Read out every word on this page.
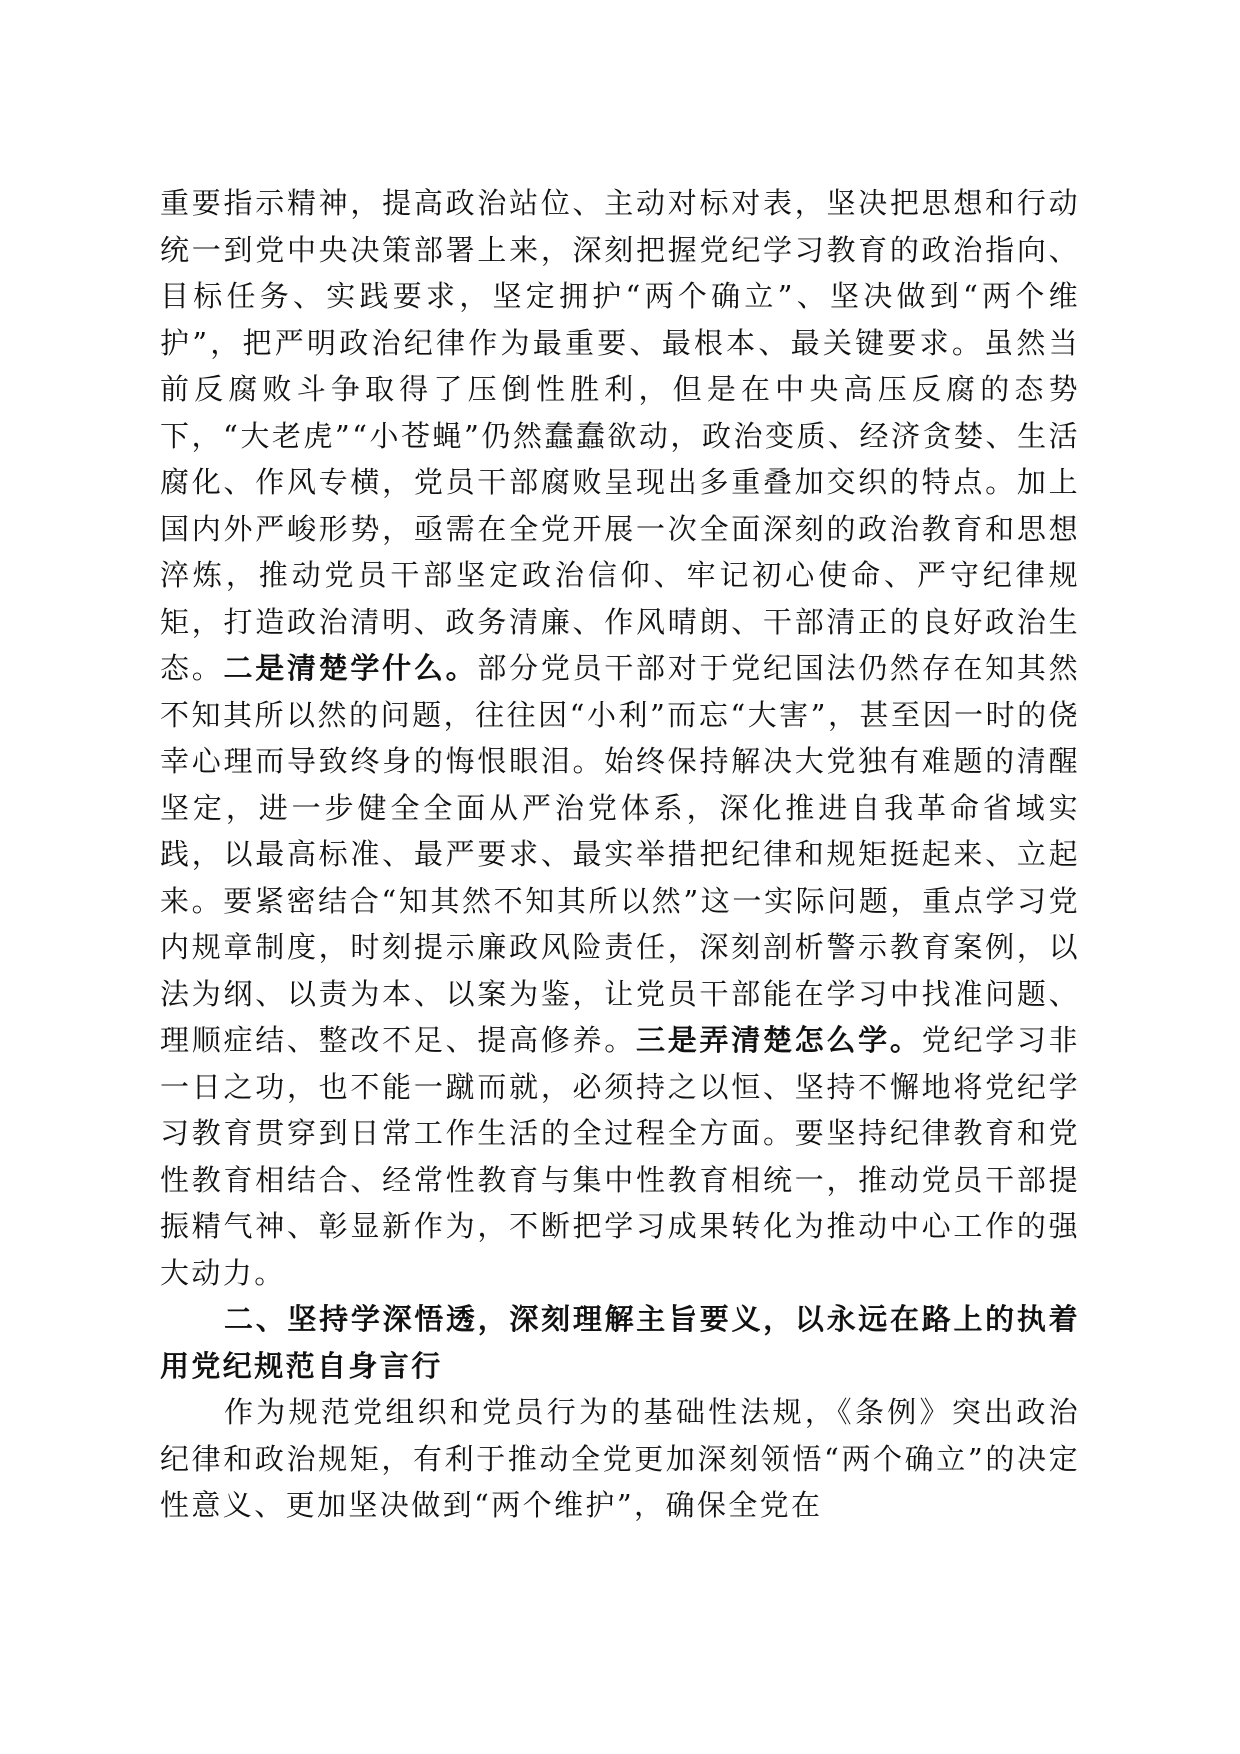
重要指示精神，提高政治站位、主动对标对表，坚决把思想和行动统一到党中央决策部署上来，深刻把握党纪学习教育的政治指向、目标任务、实践要求，坚定拥护“两个确立”、坚决做到“两个维护”，把严明政治纪律作为最重要、最根本、最关键要求。虽然当前反腐败斗争取得了压倒性胜利，但是在中央高压反腐的态势下，“大老虎”“小苍蝇”仍然蠢蠢欲动，政治变质、经济贪婪、生活腐化、作风专横，党员干部腐败呈现出多重叠加交织的特点。加上国内外严峻形势，亟需在全党开展一次全面深刻的政治教育和思想淬炼，推动党员干部坚定政治信仰、牢记初心使命、严守纪律规矩，打造政治清明、政务清廉、作风晴朗、干部清正的良好政治生态。二是清楚学什么。部分党员干部对于党纪国法仍然存在知其然不知其所以然的问题，往往因“小利”而忘“大害”，甚至因一时的侥幸心理而导致终身的悔恨眼泪。始终保持解决大党独有难题的清醒坚定，进一步健全全面从严治党体系，深化推进自我革命省域实践，以最高标准、最严要求、最实举措把纪律和规矩挺起来、立起来。要紧密结合“知其然不知其所以然”这一实际问题，重点学习党内规章制度，时刻提示廉政风险责任，深刻剖析警示教育案例，以法为纲、以责为本、以案为鉴，让党员干部能在学习中找准问题、理顺症结、整改不足、提高修养。三是弄清楚怎么学。党纪学习非一日之功，也不能一蹴而就，必须持之以恒、坚持不懈地将党纪学习教育贯穿到日常工作生活的全过程全方面。要坚持纪律教育和党性教育相结合、经常性教育与集中性教育相统一，推动党员干部提振精气神、彰显新作为，不断把学习成果转化为推动中心工作的强大动力。

二、坚持学深悟透，深刻理解主旨要义，以永远在路上的执着用党纪规范自身言行

作为规范党组织和党员行为的基础性法规，《条例》突出政治纪律和政治规矩，有利于推动全党更加深刻领悟“两个确立”的决定性意义、更加坚决做到“两个维护”，确保全党在
